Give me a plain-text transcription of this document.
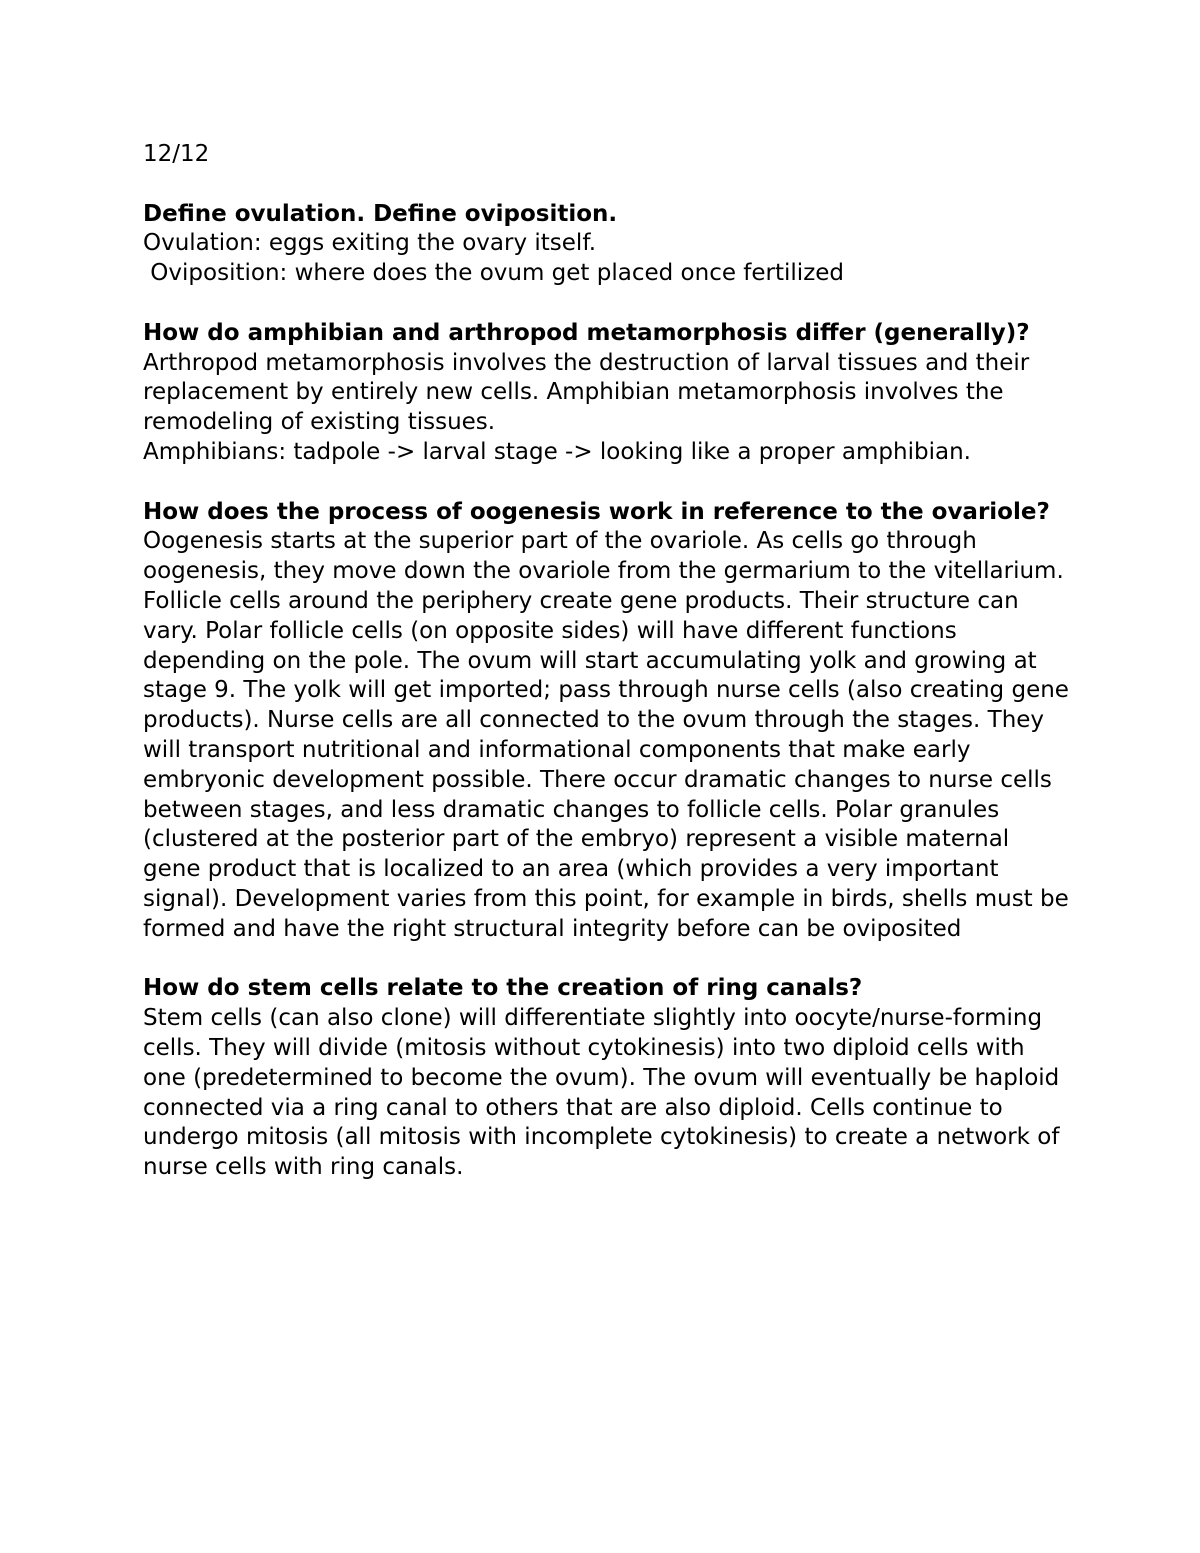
12/12

Define ovulation. Define oviposition.

Ovulation: eggs exiting the ovary itself.

Oviposition: where does the ovum get placed once fertilized

How do amphibian and arthropod metamorphosis differ (generally)?

Arthropod metamorphosis involves the destruction of larval tissues and their replacement by entirely new cells. Amphibian metamorphosis involves the remodeling of existing tissues.

Amphibians: tadpole -> larval stage -> looking like a proper amphibian.

How does the process of oogenesis work in reference to the ovariole?

Oogenesis starts at the superior part of the ovariole. As cells go through oogenesis, they move down the ovariole from the germarium to the vitellarium. Follicle cells around the periphery create gene products. Their structure can vary. Polar follicle cells (on opposite sides) will have different functions depending on the pole. The ovum will start accumulating yolk and growing at stage 9. The yolk will get imported; pass through nurse cells (also creating gene products). Nurse cells are all connected to the ovum through the stages. They will transport nutritional and informational components that make early embryonic development possible. There occur dramatic changes to nurse cells between stages, and less dramatic changes to follicle cells. Polar granules (clustered at the posterior part of the embryo) represent a visible maternal gene product that is localized to an area (which provides a very important signal). Development varies from this point, for example in birds, shells must be formed and have the right structural integrity before can be oviposited

How do stem cells relate to the creation of ring canals?

Stem cells (can also clone) will differentiate slightly into oocyte/nurse-forming cells. They will divide (mitosis without cytokinesis) into two diploid cells with one (predetermined to become the ovum). The ovum will eventually be haploid connected via a ring canal to others that are also diploid. Cells continue to undergo mitosis (all mitosis with incomplete cytokinesis) to create a network of nurse cells with ring canals.
